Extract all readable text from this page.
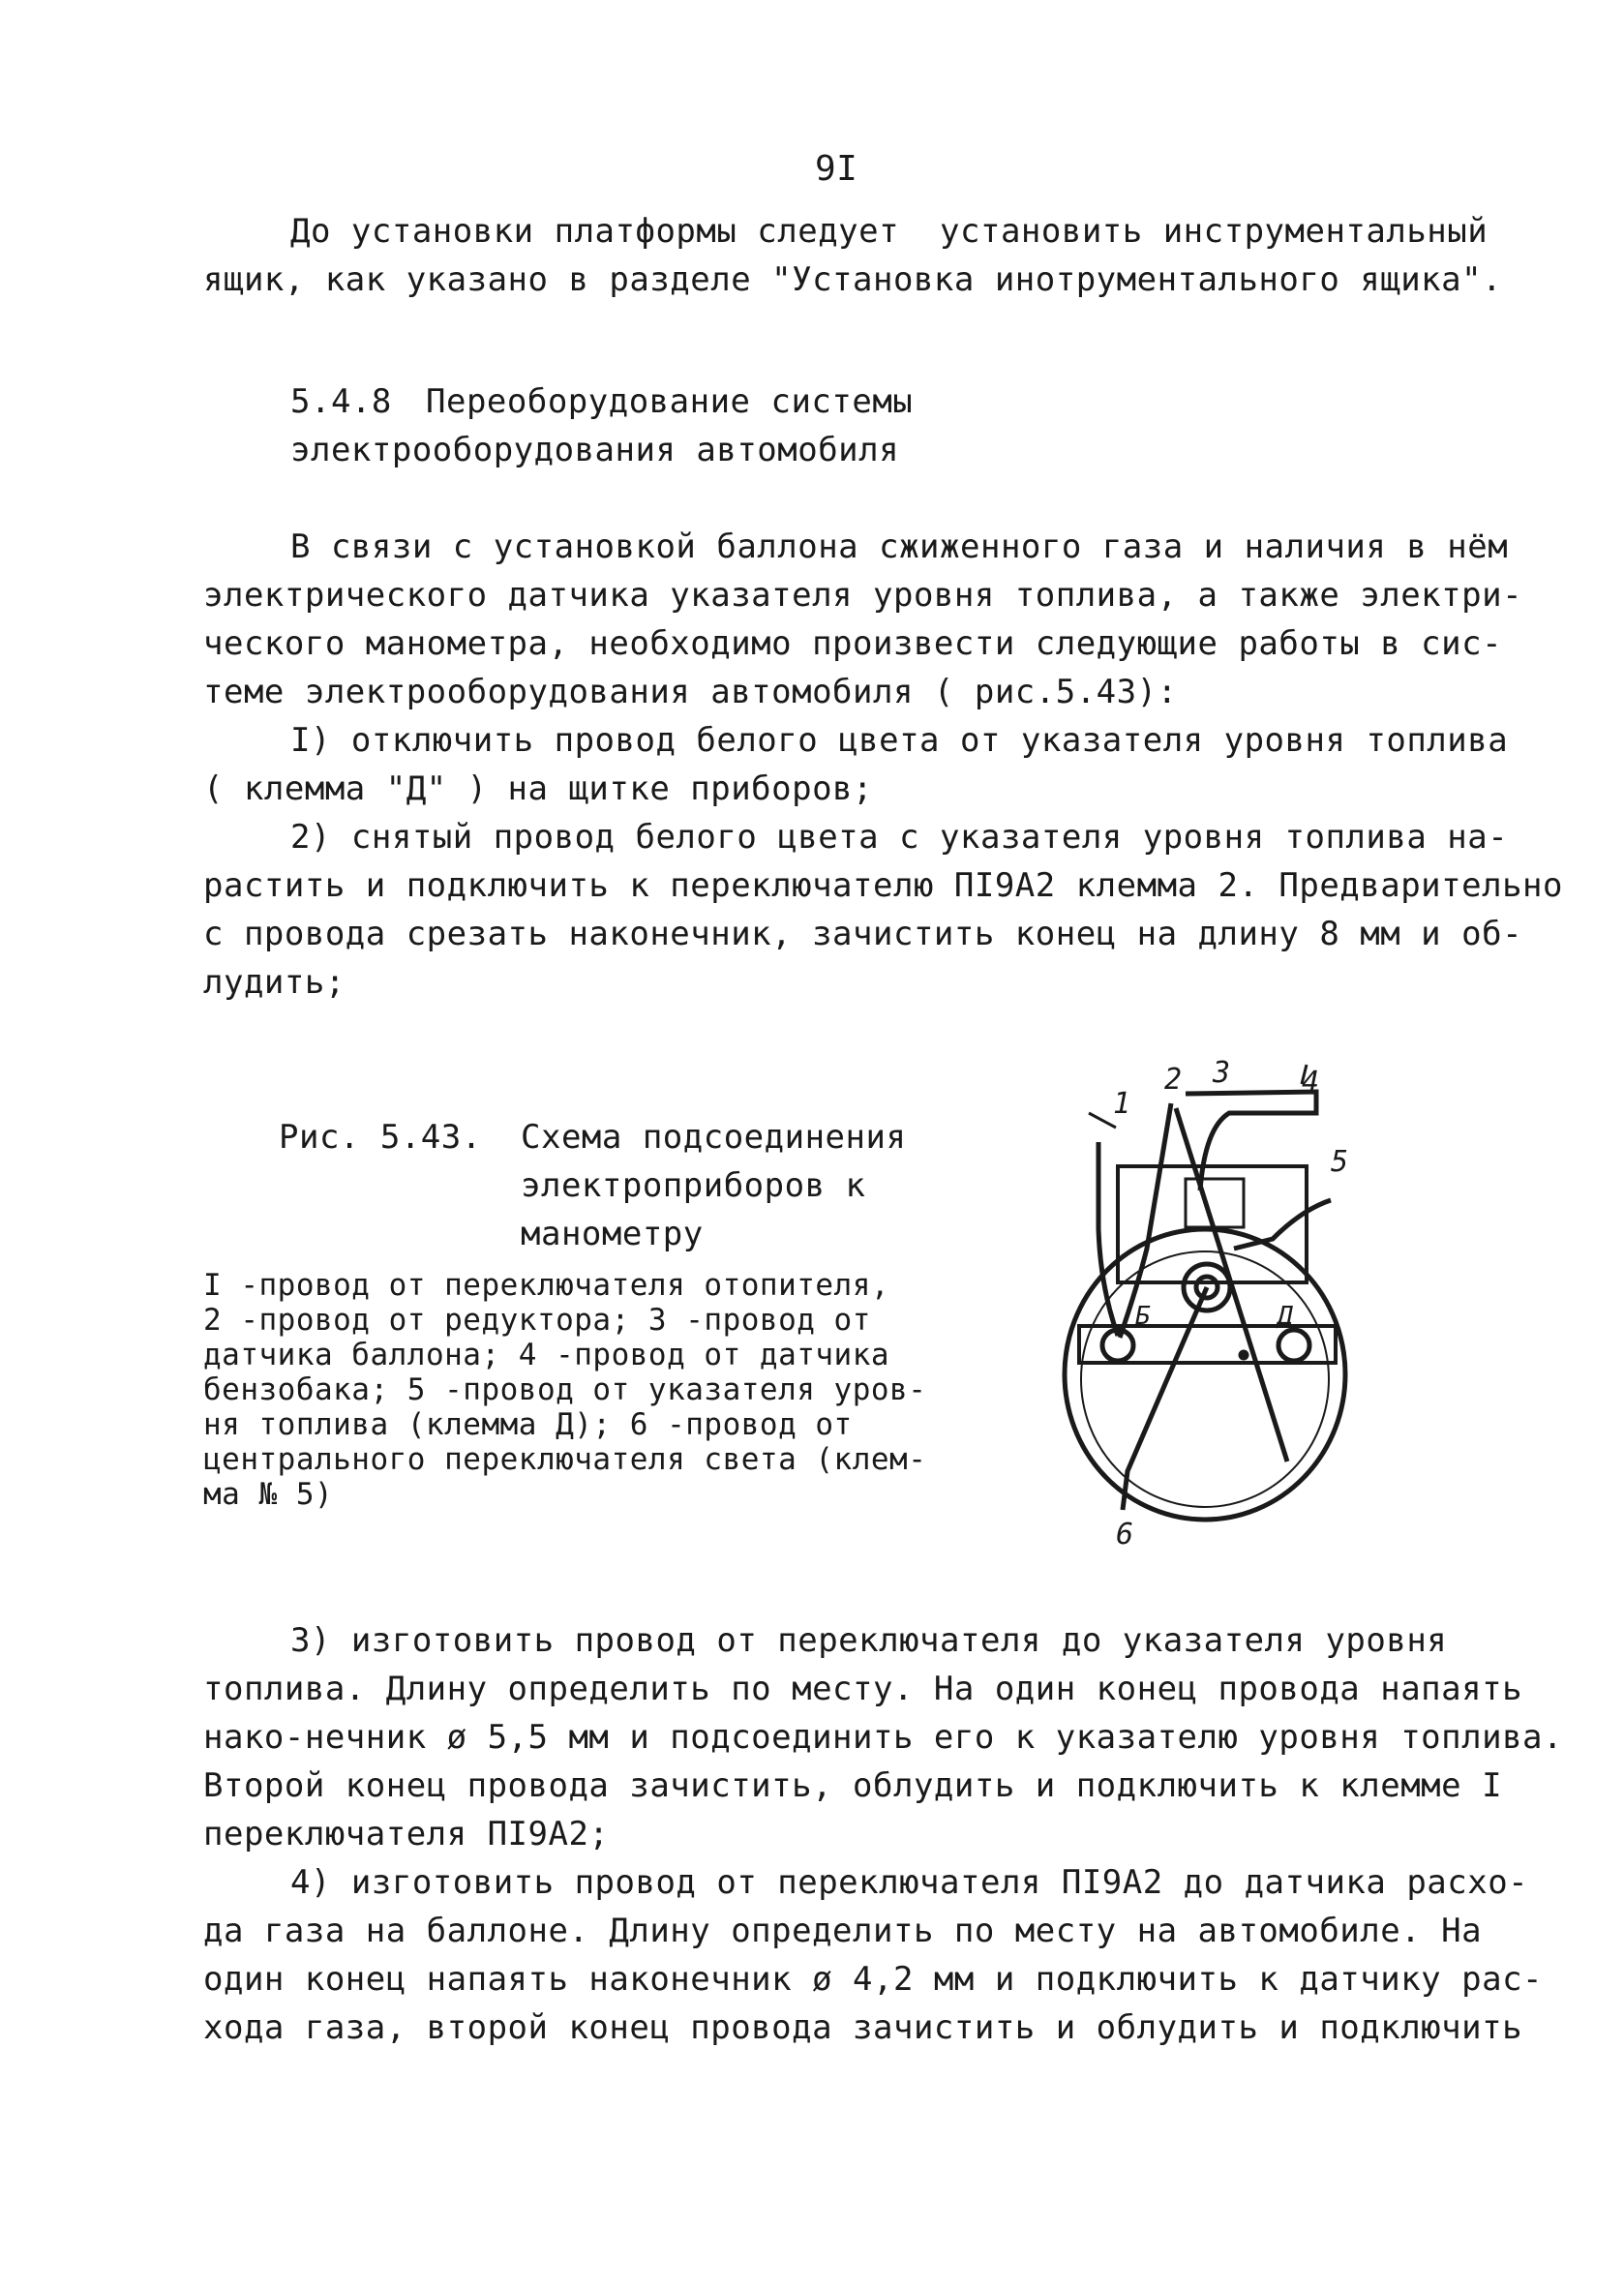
9I
До установки платформы следует  установить инструментальный
ящик, как указано в разделе "Установка инотрументального ящика".
5.4.8 Переоборудование системы
электрооборудования автомобиля
В связи с установкой баллона сжиженного газа и наличия в нём
электрического датчика указателя уровня топлива, а также электри-
ческого манометра, необходимо произвести следующие работы в сис-
теме электрооборудования автомобиля ( рис.5.43):
I) отключить провод белого цвета от указателя уровня топлива
( клемма "Д" ) на щитке приборов;
2) снятый провод белого цвета с указателя уровня топлива на-
растить и подключить к переключателю ПI9А2 клемма 2. Предварительно
с провода срезать наконечник, зачистить конец на длину 8 мм и об-
лудить;
Рис. 5.43. Схема подсоединения
электроприборов к
манометру
I -провод от переключателя отопителя,
2 -провод от редуктора; 3 -провод от
датчика баллона; 4 -провод от датчика
бензобака; 5 -провод от указателя уров-
ня топлива (клемма Д); 6 -провод от
центрального переключателя света (клем-
ма № 5)
1
2 3 4
5
6
Б	Д
3) изготовить провод от переключателя до указателя уровня
топлива. Длину определить по месту. На один конец провода напаять
нако-нечник ø 5,5 мм и подсоединить его к указателю уровня топлива.
Второй конец провода зачистить, облудить и подключить к клемме I
переключателя ПI9А2;
4) изготовить провод от переключателя ПI9А2 до датчика расхо-
да газа на баллоне. Длину определить по месту на автомобиле. На
один конец напаять наконечник ø 4,2 мм и подключить к датчику рас-
хода газа, второй конец провода зачистить и облудить и подключить
